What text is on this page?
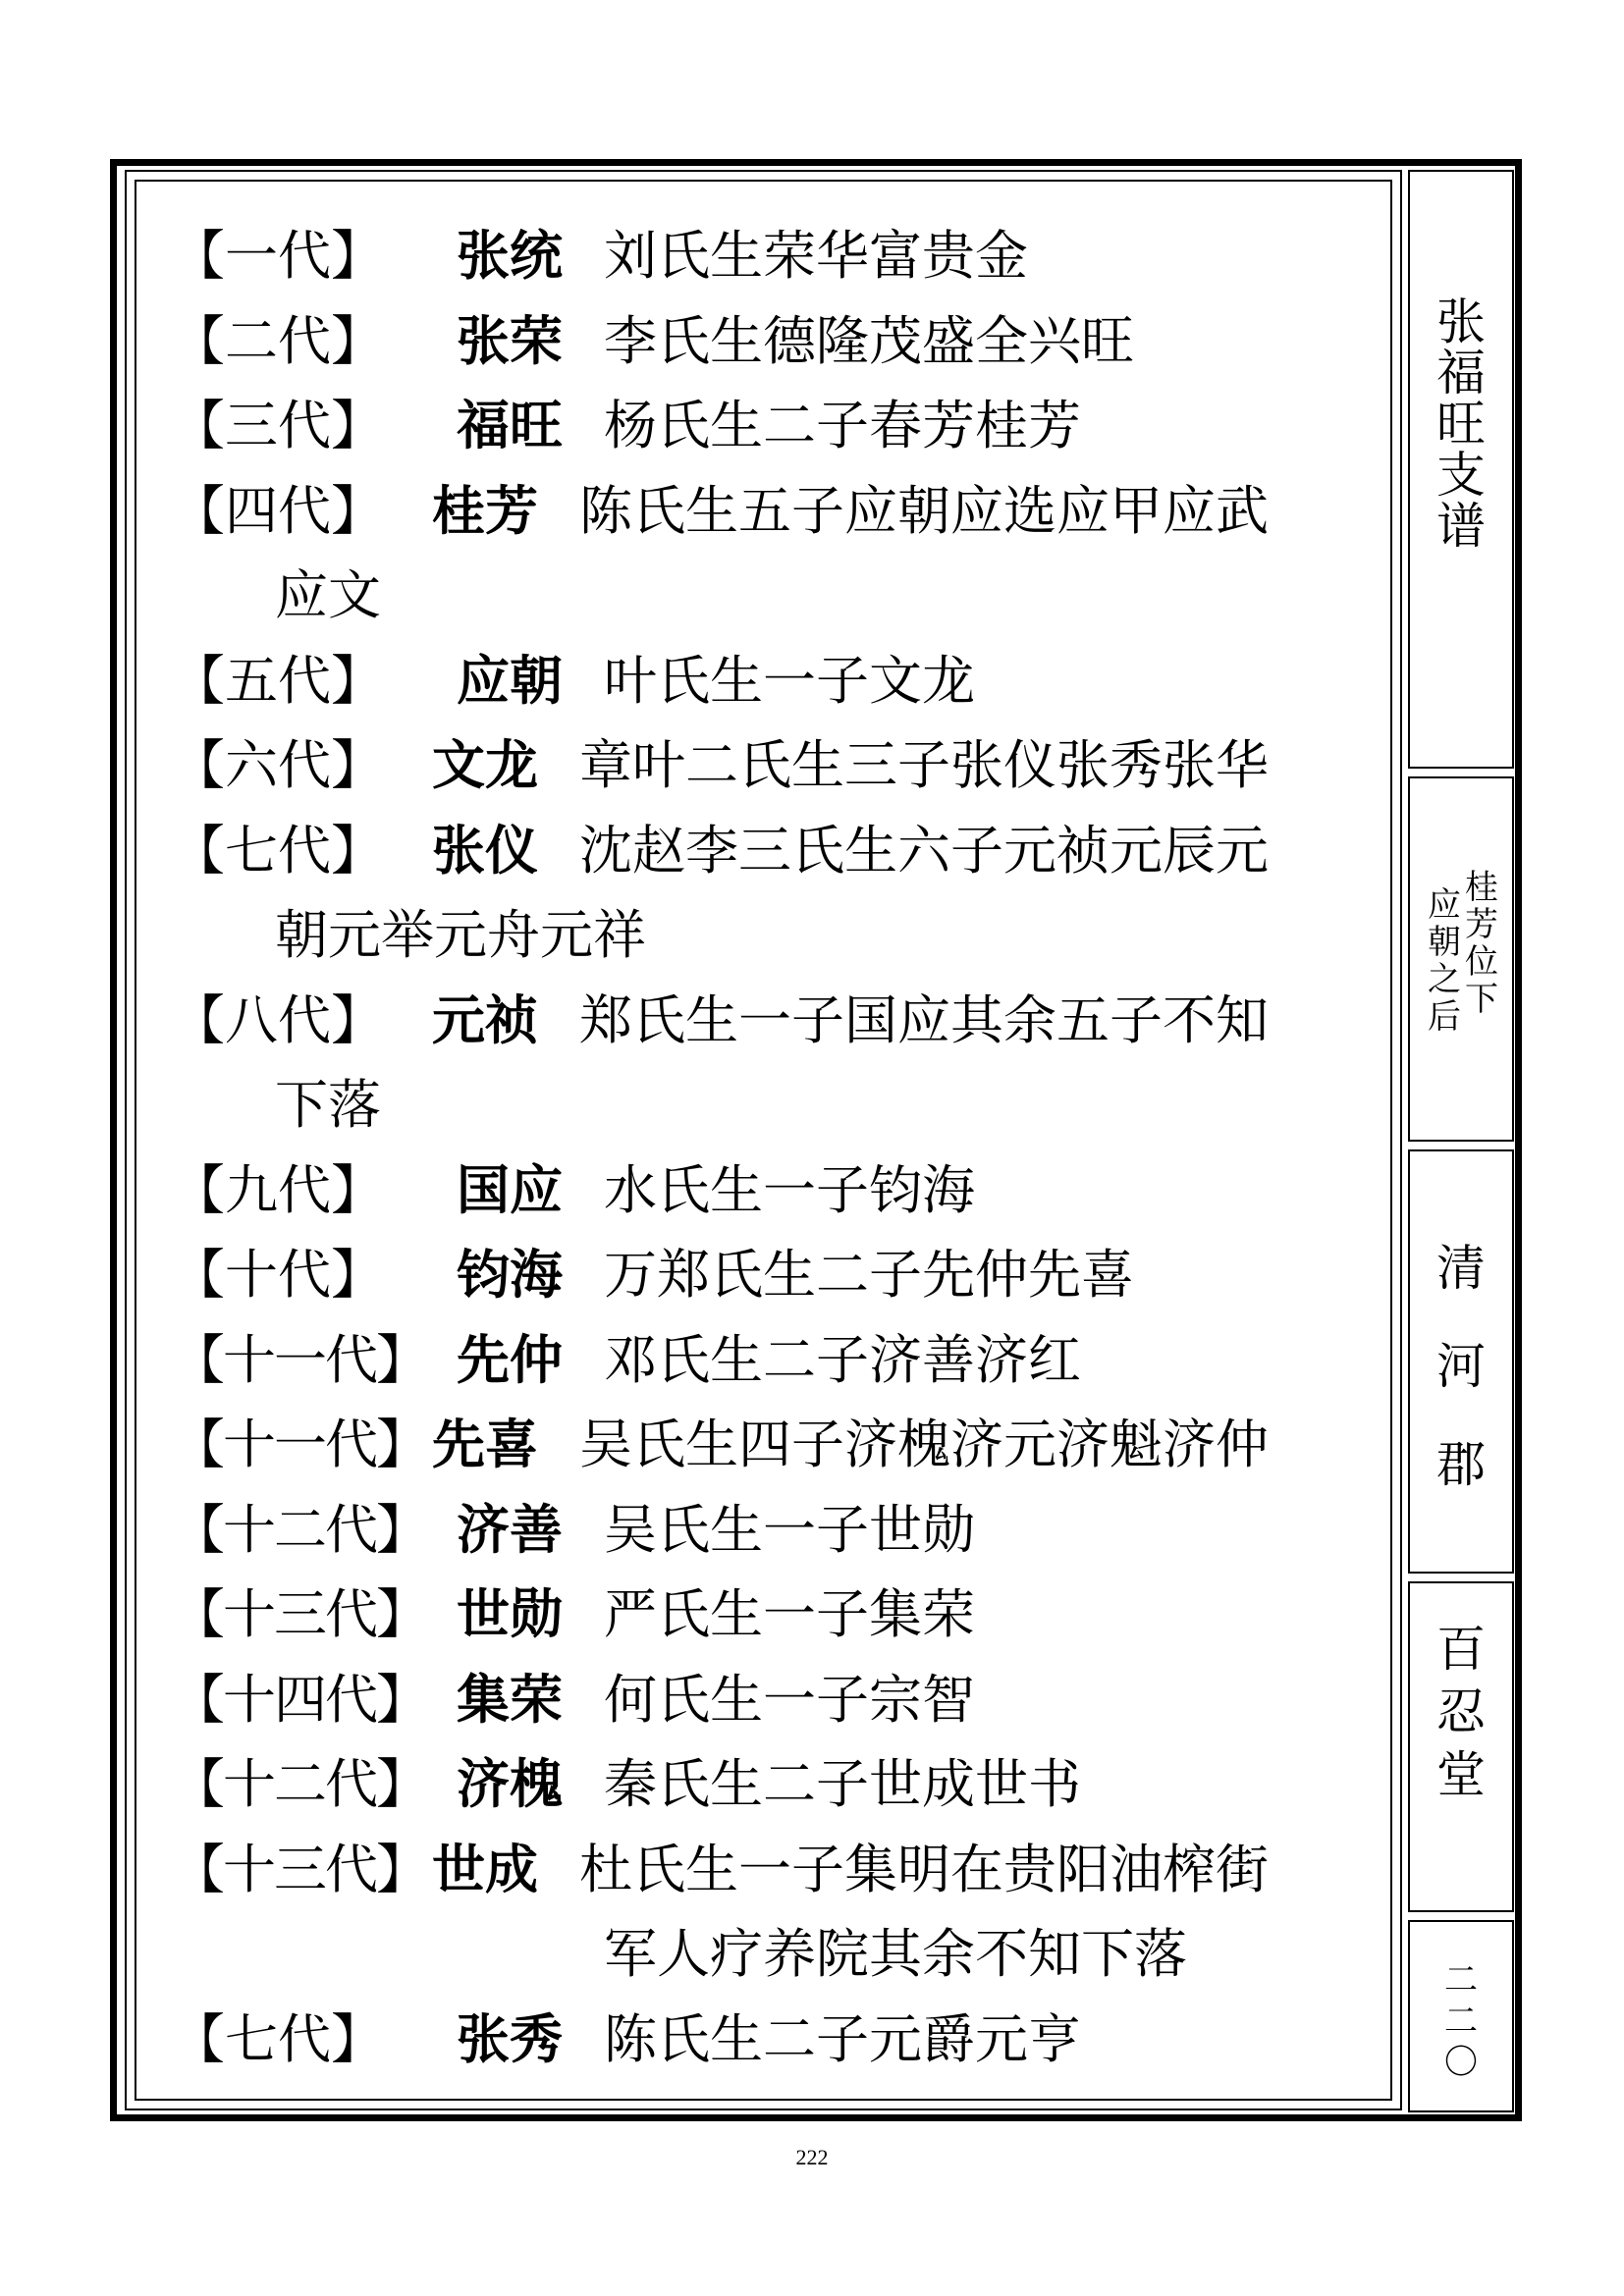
【一代】 张统 刘氏生荣华富贵金
【二代】 张荣 李氏生德隆茂盛全兴旺
【三代】 福旺 杨氏生二子春芳桂芳
【四代】 桂芳 陈氏生五子应朝应选应甲应武
应文
【五代】 应朝 叶氏生一子文龙
【六代】 文龙 章叶二氏生三子张仪张秀张华
【七代】 张仪 沈赵李三氏生六子元祯元辰元
朝元举元舟元祥
【八代】 元祯 郑氏生一子国应其余五子不知
下落
【九代】 国应 水氏生一子钧海
【十代】 钧海 万郑氏生二子先仲先喜
【十一代】 先仲 邓氏生二子济善济红
【十一代】 先喜 吴氏生四子济槐济元济魁济仲
【十二代】 济善 吴氏生一子世勋
【十三代】 世勋 严氏生一子集荣
【十四代】 集荣 何氏生一子宗智
【十二代】 济槐 秦氏生二子世成世书
【十三代】 世成 杜氏生一子集明在贵阳油榨街
军人疗养院其余不知下落
【七代】 张秀 陈氏生二子元爵元亨
张
福
旺
支
谱
桂
芳
位
下
应
朝
之
后
清
河
郡
百
忍
堂
二
二
〇
222
